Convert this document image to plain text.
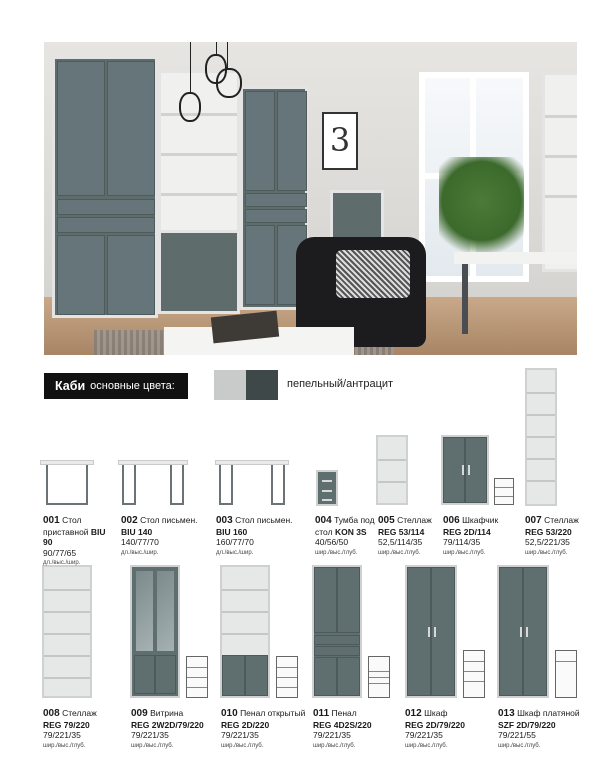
3
Каби основные цвета:	пепельный/антрацит
001 Стол приставной BIU 90
90/77/65
дл./выс./шир.
002 Стол письмен.
BIU 140
140/77/70
дл./выс./шир.
003 Стол письмен.
BIU 160
160/77/70
дл./выс./шир.
004 Тумба под стол KON 3S
40/56/50
шир./выс./глуб.
005 Стеллаж
REG 53/114
52,5/114/35
шир./выс./глуб.
006 Шкафчик
REG 2D/114
79/114/35
шир./выс./глуб.
007 Стеллаж
REG 53/220
52,5/221/35
шир./выс./глуб.
008 Стеллаж
REG 79/220
79/221/35
шир./выс./глуб.
009 Витрина
REG 2W2D/79/220
79/221/35
шир./выс./глуб.
010 Пенал открытый
REG 2D/220
79/221/35
шир./выс./глуб.
011 Пенал
REG 4D2S/220
79/221/35
шир./выс./глуб.
012 Шкаф
REG 2D/79/220
79/221/35
шир./выс./глуб.
013 Шкаф платяной
SZF 2D/79/220
79/221/55
шир./выс./глуб.
